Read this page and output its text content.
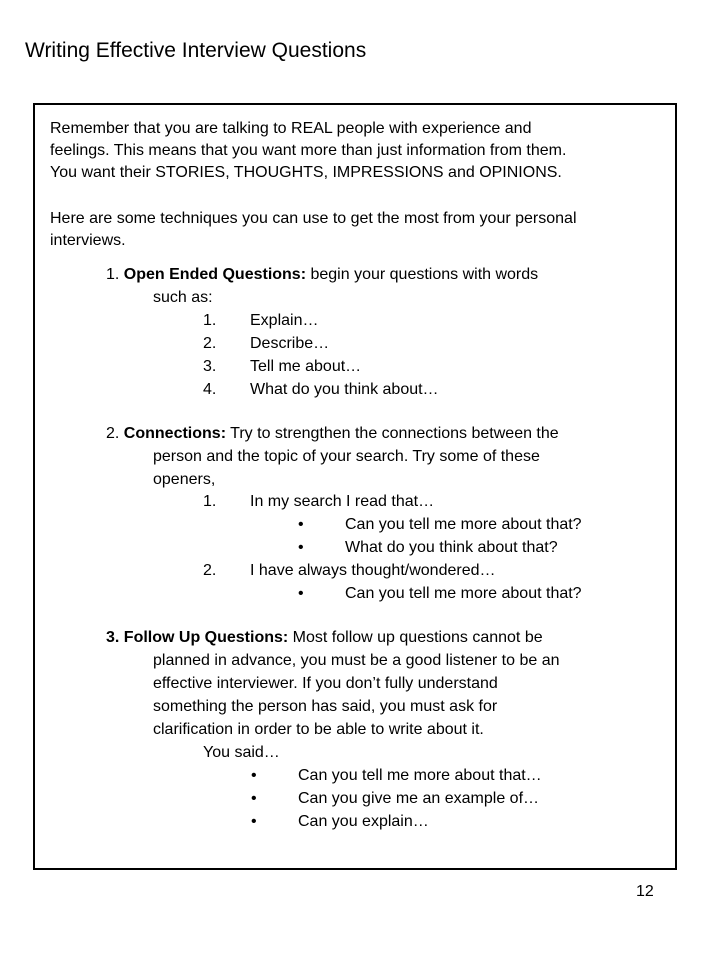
Writing Effective Interview Questions
Remember that you are talking to REAL people with experience and
feelings. This means that you want more than just information from them.
You want their STORIES, THOUGHTS, IMPRESSIONS and OPINIONS.
Here are some techniques you can use to get the most from your personal
interviews.
1. Open Ended Questions: begin your questions with words
such as:
1. Explain…
2. Describe…
3. Tell me about…
4. What do you think about…
2. Connections: Try to strengthen the connections between the
person and the topic of your search. Try some of these
openers,
1. In my search I read that…
•	Can you tell me more about that?
•	What do you think about that?
2. I have always thought/wondered…
•	Can you tell me more about that?
3. Follow Up Questions: Most follow up questions cannot be
planned in advance, you must be a good listener to be an
effective interviewer. If you don’t fully understand
something the person has said, you must ask for
clarification in order to be able to write about it.
You said…
•	Can you tell me more about that…
•	Can you give me an example of…
•	Can you explain…
12
